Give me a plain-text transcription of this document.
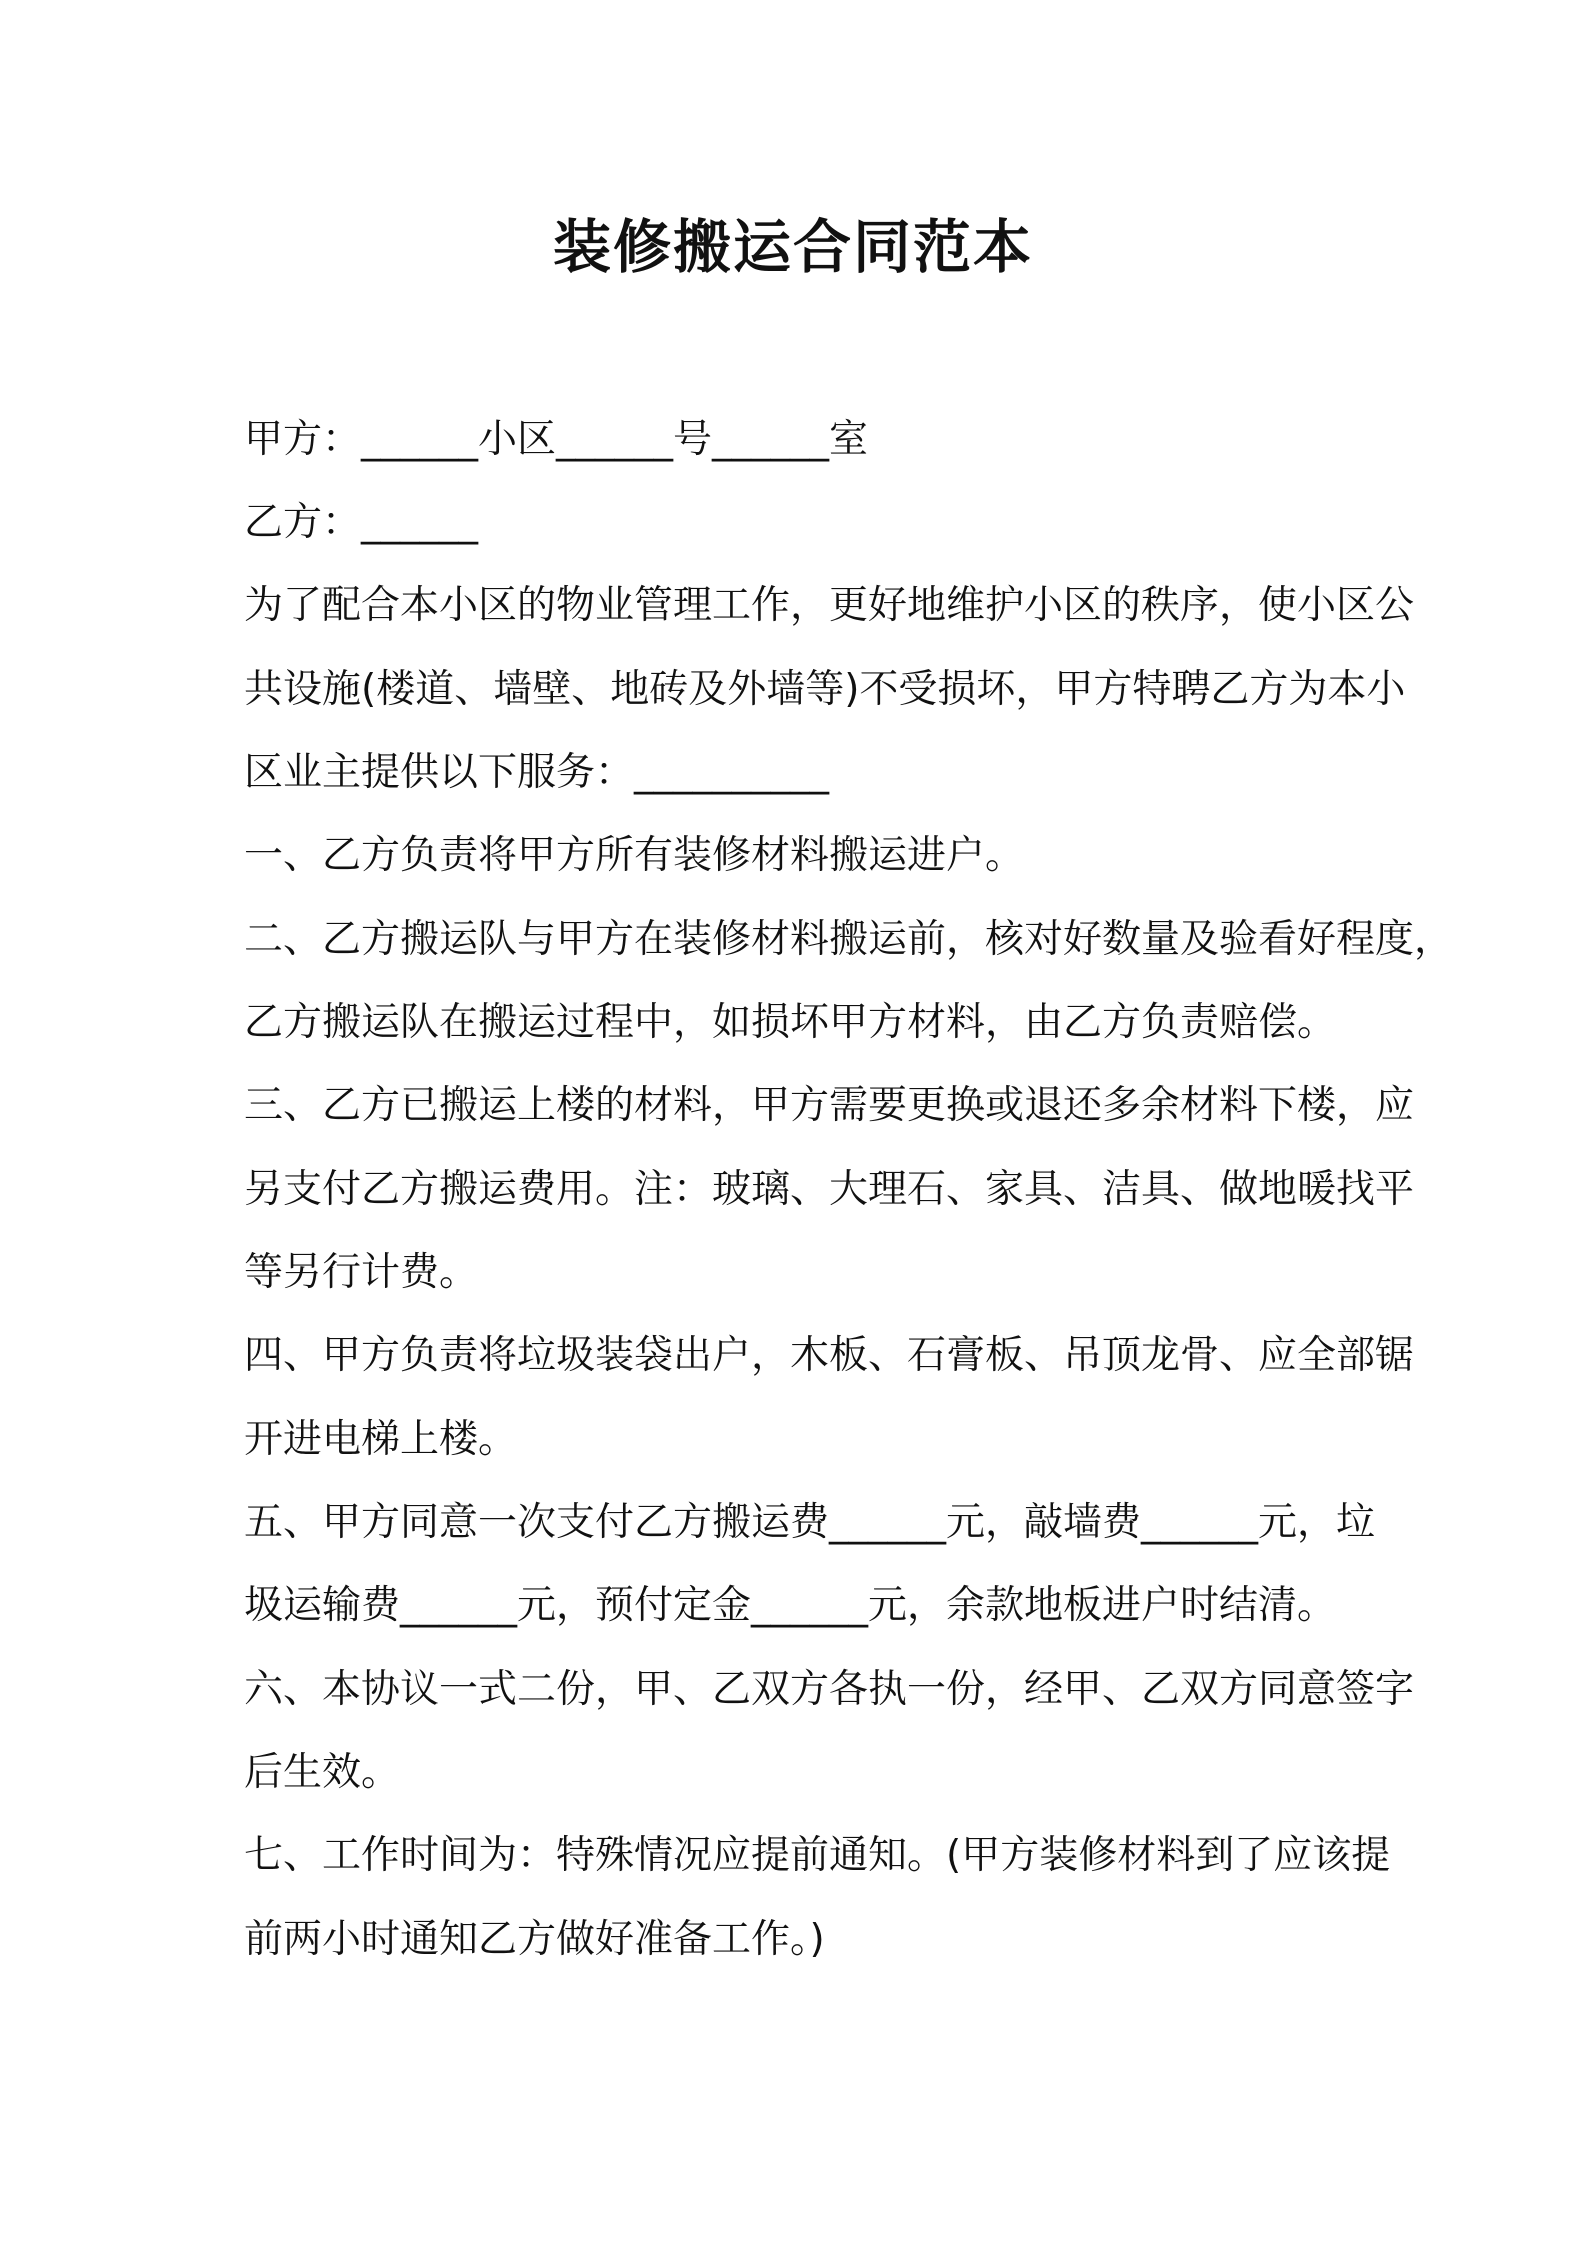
装修搬运合同范本

甲方：______小区______号______室

乙方：______

为了配合本小区的物业管理工作，更好地维护小区的秩序，使小区公

共设施(楼道、墙壁、地砖及外墙等)不受损坏，甲方特聘乙方为本小

区业主提供以下服务：__________

一、乙方负责将甲方所有装修材料搬运进户。

二、乙方搬运队与甲方在装修材料搬运前，核对好数量及验看好程度，

乙方搬运队在搬运过程中，如损坏甲方材料，由乙方负责赔偿。

三、乙方已搬运上楼的材料，甲方需要更换或退还多余材料下楼，应

另支付乙方搬运费用。注：玻璃、大理石、家具、洁具、做地暖找平

等另行计费。

四、甲方负责将垃圾装袋出户，木板、石膏板、吊顶龙骨、应全部锯

开进电梯上楼。

五、甲方同意一次支付乙方搬运费______元，敲墙费______元，垃

圾运输费______元，预付定金______元，余款地板进户时结清。

六、本协议一式二份，甲、乙双方各执一份，经甲、乙双方同意签字

后生效。

七、工作时间为：特殊情况应提前通知。(甲方装修材料到了应该提

前两小时通知乙方做好准备工作。)
